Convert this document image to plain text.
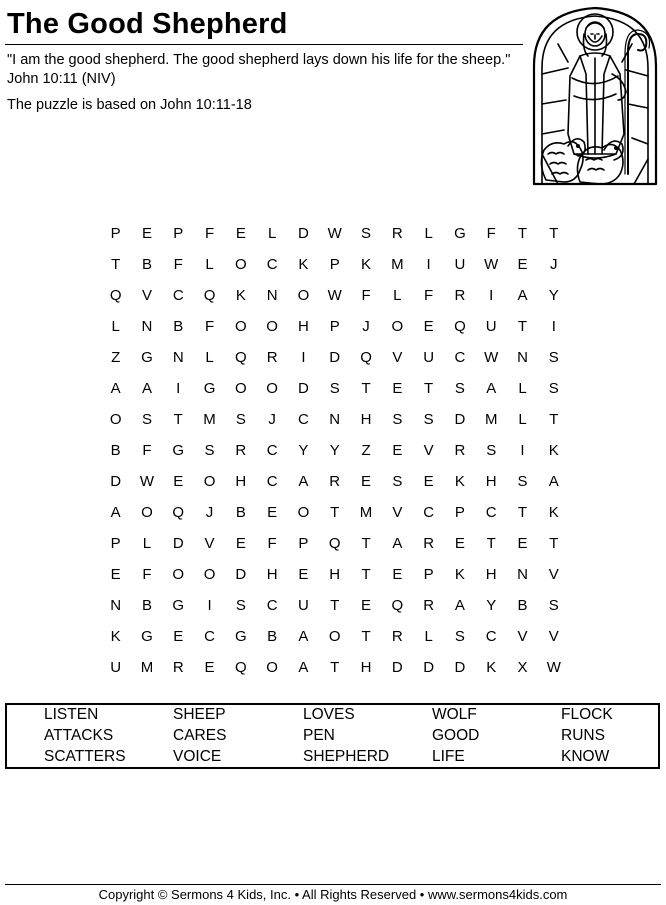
The Good Shepherd
"I am the good shepherd. The good shepherd lays down his life for the sheep." John 10:11 (NIV)
The puzzle is based on John 10:11-18
P	E	P	F	E	L	D	W	S	R	L	G	F	T	T
T	B	F	L	O	C	K	P	K	M	I	U	W	E	J
Q	V	C	Q	K	N	O	W	F	L	F	R	I	A	Y
L	N	B	F	O	O	H	P	J	O	E	Q	U	T	I
Z	G	N	L	Q	R	I	D	Q	V	U	C	W	N	S
A	A	I	G	O	O	D	S	T	E	T	S	A	L	S
O	S	T	M	S	J	C	N	H	S	S	D	M	L	T
B	F	G	S	R	C	Y	Y	Z	E	V	R	S	I	K
D	W	E	O	H	C	A	R	E	S	E	K	H	S	A
A	O	Q	J	B	E	O	T	M	V	C	P	C	T	K
P	L	D	V	E	F	P	Q	T	A	R	E	T	E	T
E	F	O	O	D	H	E	H	T	E	P	K	H	N	V
N	B	G	I	S	C	U	T	E	Q	R	A	Y	B	S
K	G	E	C	G	B	A	O	T	R	L	S	C	V	V
U	M	R	E	Q	O	A	T	H	D	D	D	K	X	W
LISTEN	SHEEP	LOVES	WOLF	FLOCK
ATTACKS	CARES	PEN	GOOD	RUNS
SCATTERS	VOICE	SHEPHERD	LIFE	KNOW
Copyright © Sermons 4 Kids, Inc. • All Rights Reserved • www.sermons4kids.com
